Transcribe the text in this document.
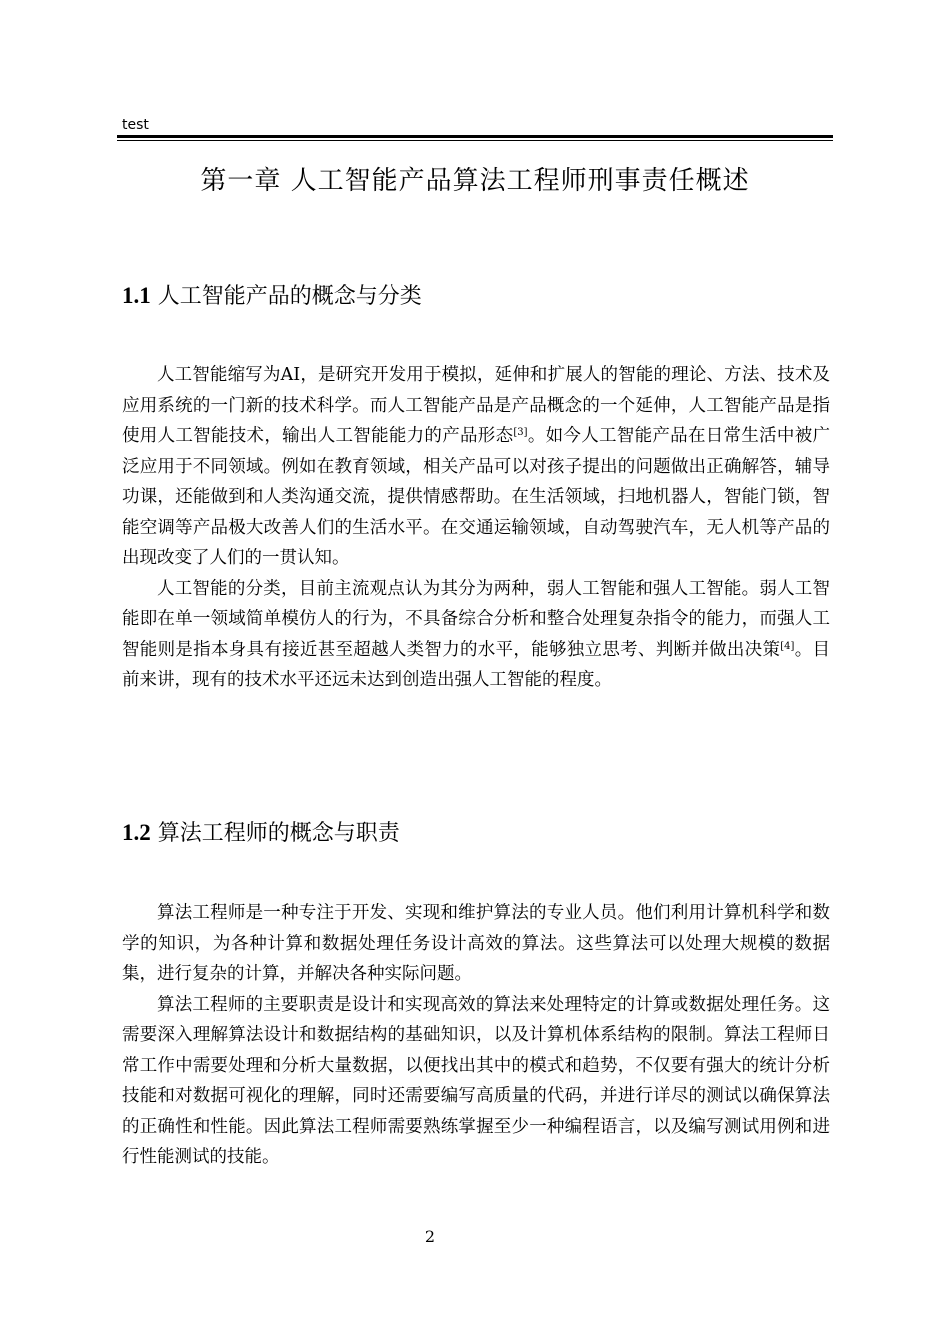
test
第一章 人工智能产品算法工程师刑事责任概述
1.1 人工智能产品的概念与分类

人工智能缩写为AI，是研究开发用于模拟，延伸和扩展人的智能的理论、方法、技术及应用系统的一门新的技术科学。而人工智能产品是产品概念的一个延伸，人工智能产品是指使用人工智能技术，输出人工智能能力的产品形态[3]。如今人工智能产品在日常生活中被广泛应用于不同领域。例如在教育领域，相关产品可以对孩子提出的问题做出正确解答，辅导功课，还能做到和人类沟通交流，提供情感帮助。在生活领域，扫地机器人，智能门锁，智能空调等产品极大改善人们的生活水平。在交通运输领域，自动驾驶汽车，无人机等产品的出现改变了人们的一贯认知。

人工智能的分类，目前主流观点认为其分为两种，弱人工智能和强人工智能。弱人工智能即在单一领域简单模仿人的行为，不具备综合分析和整合处理复杂指令的能力，而强人工智能则是指本身具有接近甚至超越人类智力的水平，能够独立思考、判断并做出决策[4]。目前来讲，现有的技术水平还远未达到创造出强人工智能的程度。

1.2 算法工程师的概念与职责

算法工程师是一种专注于开发、实现和维护算法的专业人员。他们利用计算机科学和数学的知识，为各种计算和数据处理任务设计高效的算法。这些算法可以处理大规模的数据集，进行复杂的计算，并解决各种实际问题。

算法工程师的主要职责是设计和实现高效的算法来处理特定的计算或数据处理任务。这需要深入理解算法设计和数据结构的基础知识，以及计算机体系结构的限制。算法工程师日常工作中需要处理和分析大量数据，以便找出其中的模式和趋势，不仅要有强大的统计分析技能和对数据可视化的理解，同时还需要编写高质量的代码，并进行详尽的测试以确保算法的正确性和性能。因此算法工程师需要熟练掌握至少一种编程语言，以及编写测试用例和进行性能测试的技能。

2
